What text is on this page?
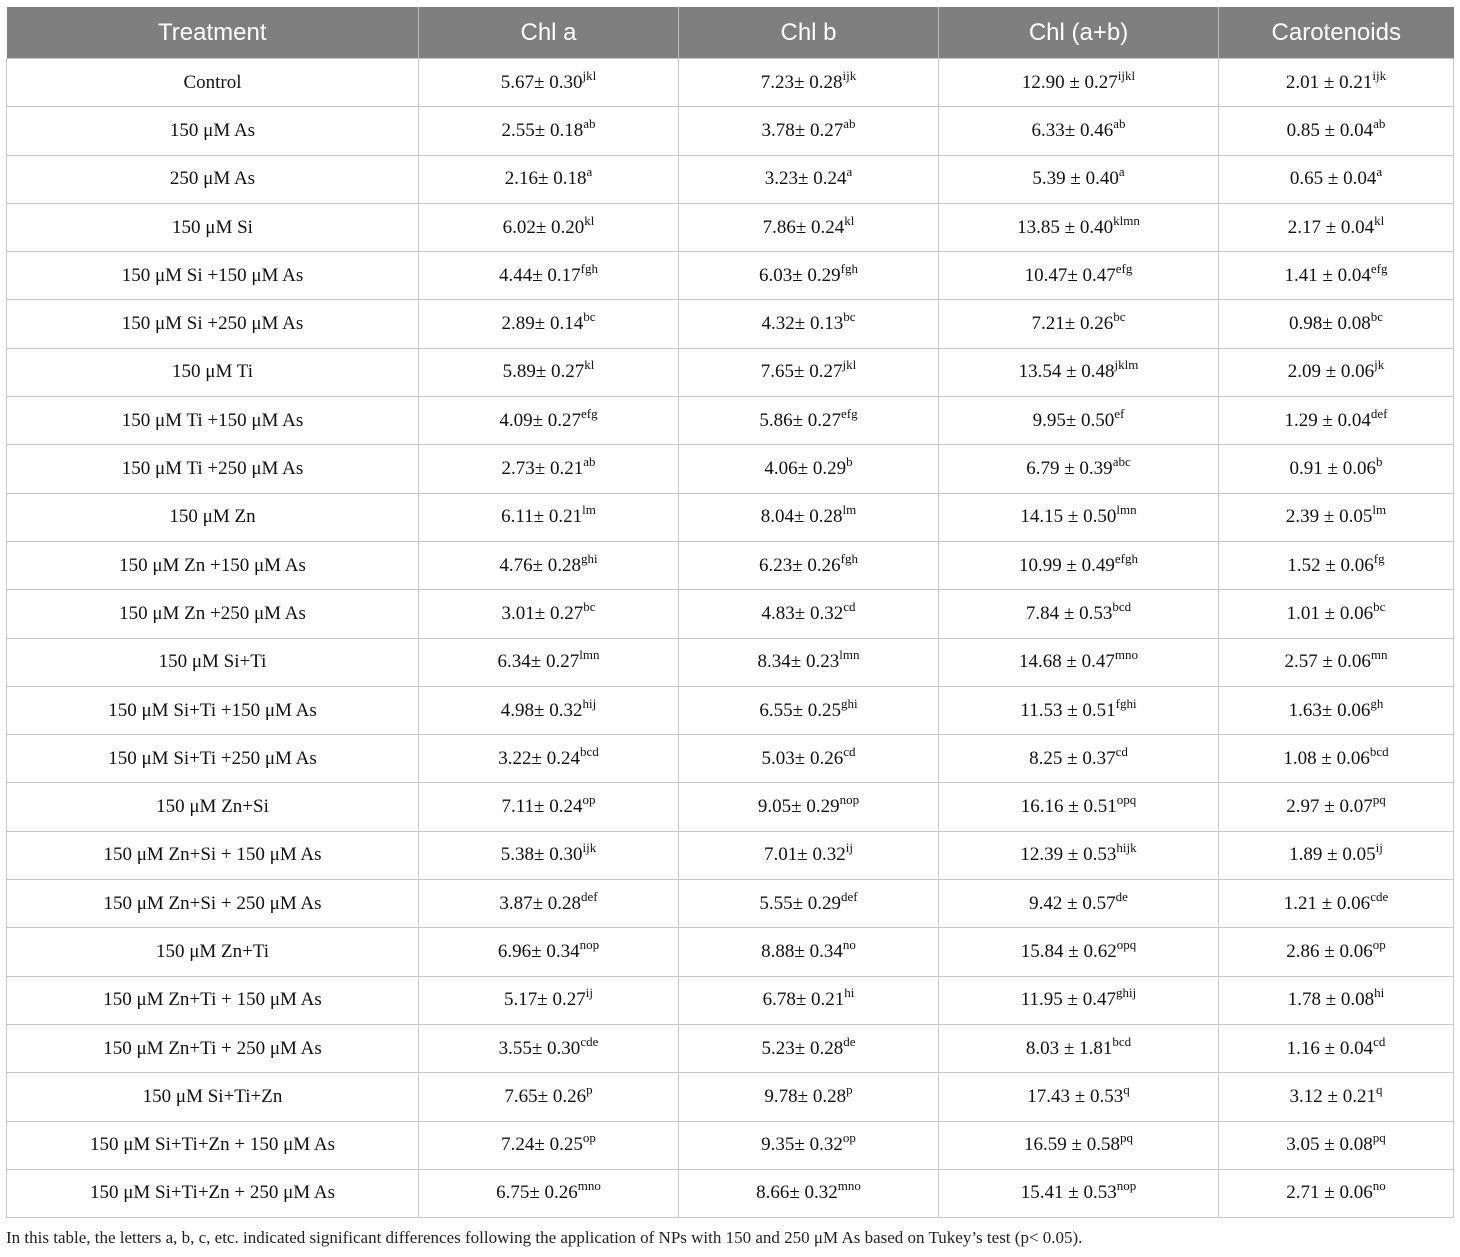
Treatment	Chl a	Chl b	Chl (a+b)	Carotenoids
Control	$5.67\pm 0.30^{jkl}$	$7.23\pm 0.28^{ijk}$	$12.90 \pm 0.27^{ijkl}$	$2.01 \pm 0.21^{ijk}$
150 μM As	2.55± 0.18$^{ab}$	3.78± 0.27$^{ab}$	6.33± 0.46$^{ab}$	0.85 ± 0.04$^{ab}$
250 μM As	2.16± 0.18$^a$	3.23± 0.24$^a$	5.39 ± 0.40$^a$	0.65 ± 0.04$^a$
150 μM Si	$6.02\pm 0.20^{kl}$	$7.86\pm 0.24^{kl}$	$13.85 \pm 0.40^{klmn}$	$2.17 \pm 0.04^{kl}$
150 μM Si +150 μM As	4.44± 0.17$^{fgh}$	6.03± 0.29$^{fgh}$	10.47± 0.47$^{efg}$	1.41 ± 0.04$^{efg}$
150 μM Si +250 μM As	2.89± 0.14$^{bc}$	4.32± 0.13$^{bc}$	7.21± 0.26$^{bc}$	0.98± 0.08$^{bc}$
150 μM Ti	$5.89\pm 0.27^{kl}$	$7.65\pm 0.27^{jkl}$	$13.54 \pm 0.48^{jklm}$	$2.09 \pm 0.06^{jk}$
150 μM Ti +150 μM As	4.09± 0.27$^{efg}$	5.86± 0.27$^{efg}$	9.95± 0.50$^{ef}$	1.29 ± 0.04$^{def}$
150 μM Ti +250 μM As	2.73± 0.21$^{ab}$	4.06± 0.29$^b$	6.79 ± 0.39$^{abc}$	0.91 ± 0.06$^b$
150 μM Zn	$6.11\pm 0.21^{lm}$	$8.04\pm 0.28^{lm}$	$14.15 \pm 0.50^{lmn}$	$2.39 \pm 0.05^{lm}$
150 μM Zn +150 μM As	$4.76\pm 0.28^{ghi}$	6.23± 0.26$^{fgh}$	$10.99 \pm 0.49^{efgh}$	1.52 ± 0.06$^{fg}$
150 μM Zn +250 μM As	3.01± 0.27$^{bc}$	4.83± 0.32$^{cd}$	7.84 ± 0.53$^{bcd}$	1.01 ± 0.06$^{bc}$
150 μM Si+Ti	$6.34\pm 0.27^{lmn}$	$8.34\pm 0.23^{lmn}$	$14.68 \pm 0.47^{mno}$	$2.57 \pm 0.06^{mn}$
150 μM Si+Ti +150 μM As	$4.98\pm 0.32^{hij}$	$6.55\pm 0.25^{ghi}$	$11.53 \pm 0.51^{fghi}$	1.63± 0.06$^{gh}$
150 μM Si+Ti +250 μM As	3.22± 0.24$^{bcd}$	5.03± 0.26$^{cd}$	8.25 ± 0.37$^{cd}$	1.08 ± 0.06$^{bcd}$
150 μM Zn+Si	$7.11\pm 0.24^{op}$	$9.05\pm 0.29^{nop}$	$16.16 \pm 0.51^{opq}$	$2.97 \pm 0.07^{pq}$
150 μM Zn+Si + 150 μM As	$5.38\pm 0.30^{ijk}$	$7.01\pm 0.32^{ij}$	$12.39 \pm 0.53^{hijk}$	$1.89 \pm 0.05^{ij}$
150 μM Zn+Si + 250 μM As	3.87± 0.28$^{def}$	5.55± 0.29$^{def}$	9.42 ± 0.57de	1.21 ± 0.06$^{cde}$
150 μM Zn+Ti	$6.96\pm 0.34^{nop}$	$8.88\pm 0.34^{no}$	$15.84 \pm 0.62^{opq}$	$2.86 \pm 0.06^{op}$
150 μM Zn+Ti + 150 μM As	$5.17\pm 0.27^{ij}$	$6.78\pm 0.21^{hi}$	$11.95 \pm 0.47^{ghij}$	$1.78 \pm 0.08^{hi}$
150 μM Zn+Ti + 250 μM As	3.55± 0.30$^{cde}$	5.23± 0.28de	8.03 ± 1.81$^{bcd}$	1.16 ± 0.04$^{cd}$
150 μM Si+Ti+Zn	$7.65\pm 0.26^p$	$9.78\pm 0.28^p$	$17.43 \pm 0.53^q$	$3.12 \pm 0.21^q$
150 μM Si+Ti+Zn + 150 μM As	$7.24\pm 0.25^{op}$	$9.35\pm 0.32^{op}$	$16.59 \pm 0.58^{pq}$	$3.05 \pm 0.08^{pq}$
150 μM Si+Ti+Zn + 250 μM As	$6.75\pm 0.26^{mno}$	$8.66\pm 0.32^{mno}$	$15.41 \pm 0.53^{nop}$	$2.71 \pm 0.06^{no}$
In this table, the letters a, b, c, etc. indicated significant differences following the application of NPs with 150 and 250 μM As based on Tukey’s test (p< 0.05).
